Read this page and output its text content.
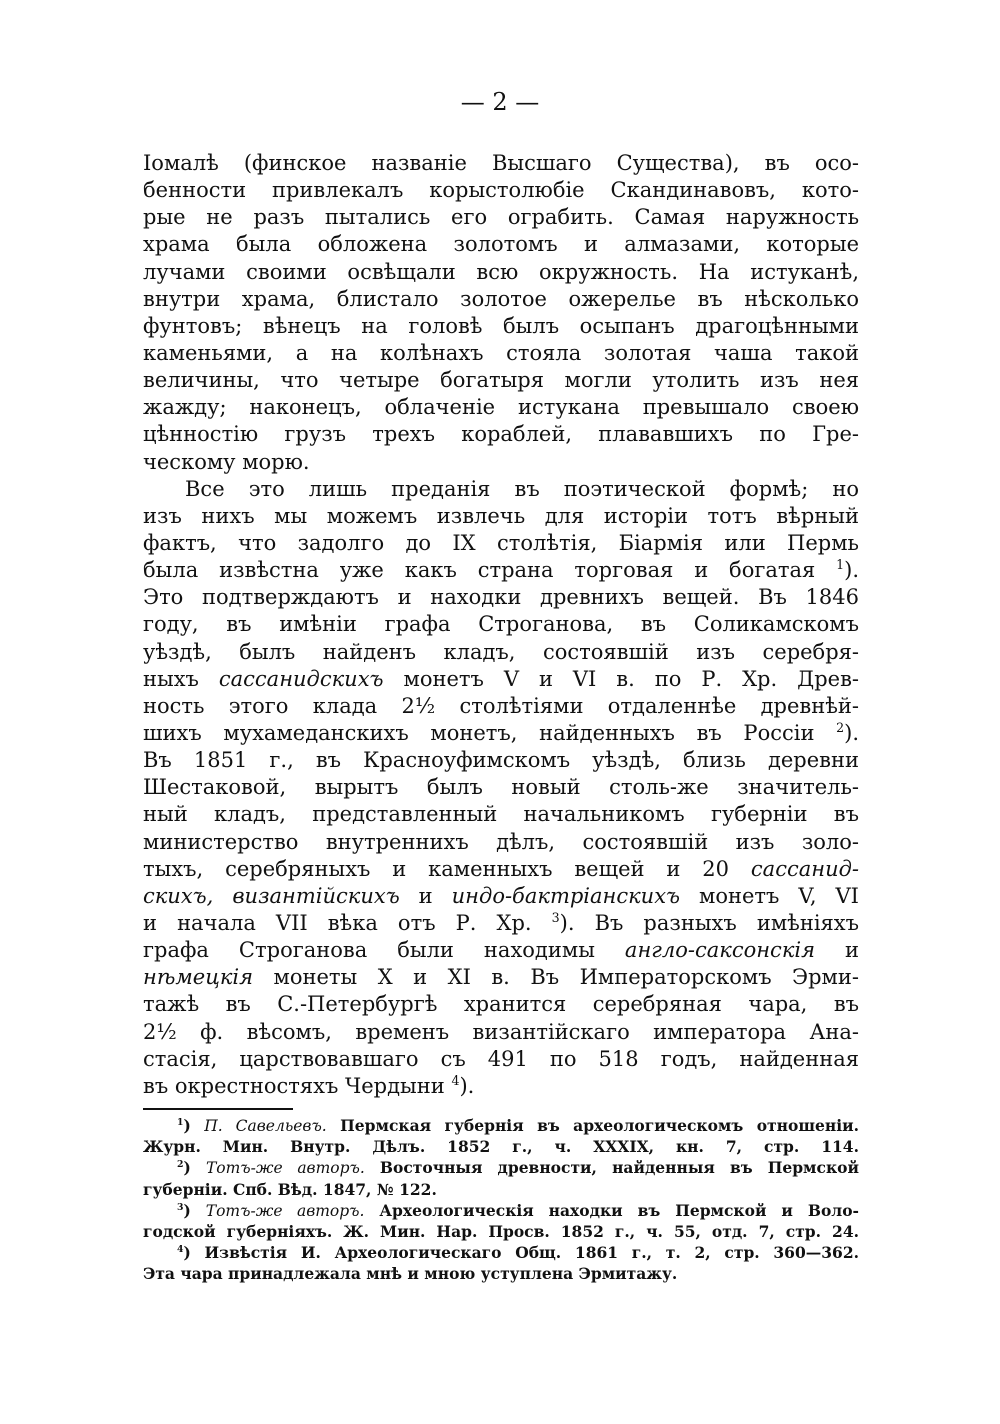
— 2 —
Іомалѣ (финское названіе Высшаго Существа), въ осо-
бенности привлекалъ корыстолюбіе Скандинавовъ, кото-
рые не разъ пытались его ограбить. Самая наружность
храма была обложена золотомъ и алмазами, которые
лучами своими освѣщали всю окружность. На истуканѣ,
внутри храма, блистало золотое ожерелье въ нѣсколько
фунтовъ; вѣнецъ на головѣ былъ осыпанъ драгоцѣнными
каменьями, а на колѣнахъ стояла золотая чаша такой
величины, что четыре богатыря могли утолить изъ нея
жажду; наконецъ, облаченіе истукана превышало своею
цѣнностію грузъ трехъ кораблей, плававшихъ по Гре-
ческому морю.
Все это лишь преданія въ поэтической формѣ; но
изъ нихъ мы можемъ извлечь для исторіи тотъ вѣрный
фактъ, что задолго до IX столѣтія, Біармія или Пермь
была извѣстна уже какъ страна торговая и богатая $^1$).
Это подтверждаютъ и находки древнихъ вещей. Въ 1846
году, въ имѣніи графа Строганова, въ Соликамскомъ
уѣздѣ, былъ найденъ кладъ, состоявшій изъ серебря-
ныхъ сассанидскихъ монетъ V и VI в. по Р. Хр. Древ-
ность этого клада 2½ столѣтіями отдаленнѣе древнѣй-
шихъ мухамеданскихъ монетъ, найденныхъ въ Россіи $^2$).
Въ 1851 г., въ Красноуфимскомъ уѣздѣ, близь деревни
Шестаковой, вырытъ былъ новый столь-же значитель-
ный кладъ, представленный начальникомъ губерніи въ
министерство внутреннихъ дѣлъ, состоявшій изъ золо-
тыхъ, серебряныхъ и каменныхъ вещей и 20 сассанид-
скихъ, византійскихъ и индо-бактріанскихъ монетъ V, VI
и начала VII вѣка отъ Р. Хр. $^3$). Въ разныхъ имѣніяхъ
графа Строганова были находимы англо-саксонскія и
нѣмецкія монеты X и XI в. Въ Императорскомъ Эрми-
тажѣ въ С.-Петербургѣ хранится серебряная чара, въ
2½ ф. вѣсомъ, временъ византійскаго императора Ана-
стасія, царствовавшаго съ 491 по 518 годъ, найденная
въ окрестностяхъ Чердыни $^4$).
$^1$) П. Савельевъ. Пермская губернія въ археологическомъ отношеніи.
Журн. Мин. Внутр. Дѣлъ. 1852 г., ч. XXXIX, кн. 7, стр. 114.
$^2$) Тотъ-же авторъ. Восточныя древности, найденныя въ Пермской
губерніи. Спб. Вѣд. 1847, № 122.
$^3$) Тотъ-же авторъ. Археологическія находки въ Пермской и Воло-
годской губерніяхъ. Ж. Мин. Нар. Просв. 1852 г., ч. 55, отд. 7, стр. 24.
$^4$) Извѣстія И. Археологическаго Общ. 1861 г., т. 2, стр. 360—362.
Эта чара принадлежала мнѣ и мною уступлена Эрмитажу.
